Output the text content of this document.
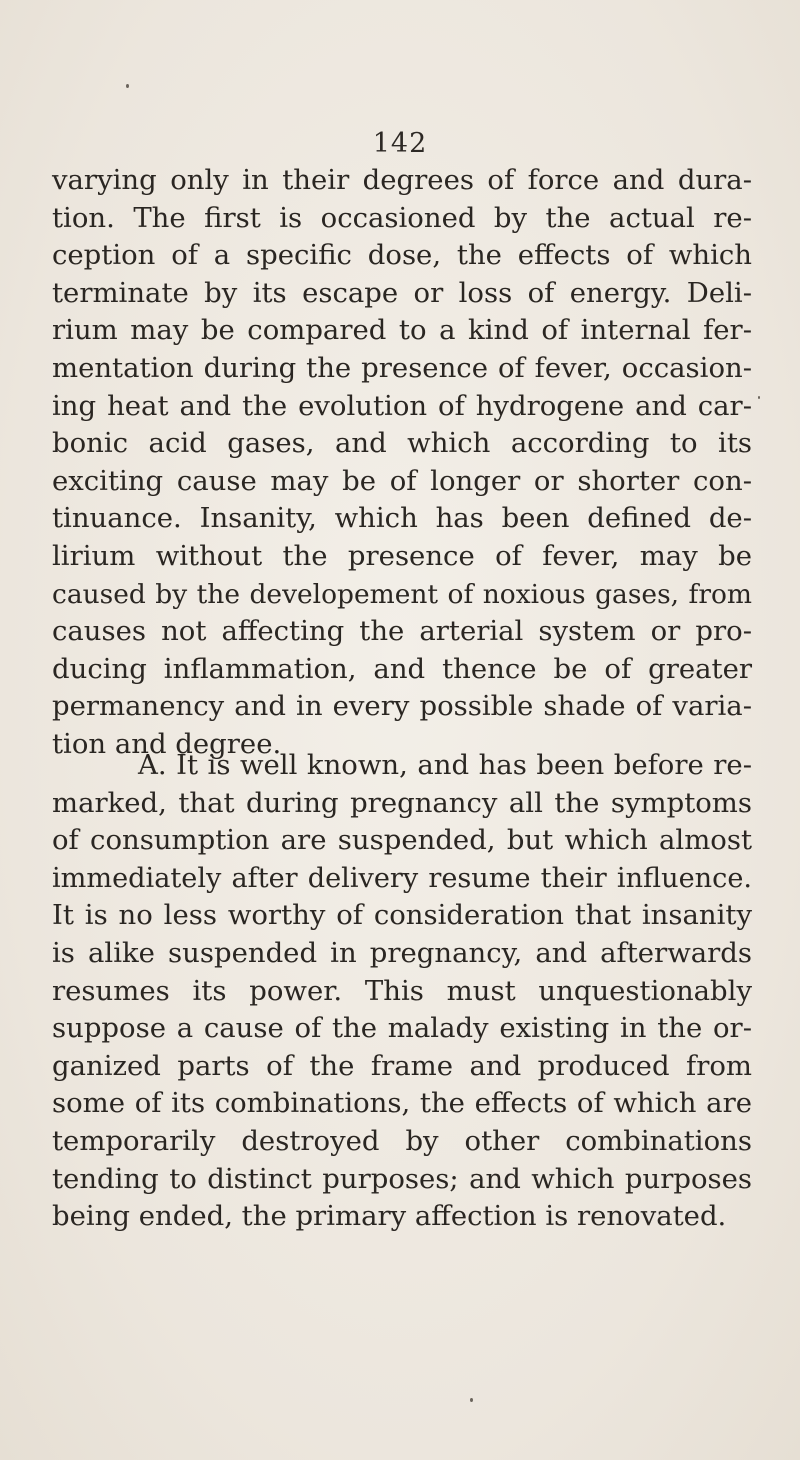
142
varying only in their degrees of force and dura-
tion. The first is occasioned by the actual re-
ception of a specific dose, the effects of which
terminate by its escape or loss of energy. Deli-
rium may be compared to a kind of internal fer-
mentation during the presence of fever, occasion-
ing heat and the evolution of hydrogene and car-
bonic acid gases, and which according to its
exciting cause may be of longer or shorter con-
tinuance. Insanity, which has been defined de-
lirium without the presence of fever, may be
caused by the developement of noxious gases, from
causes not affecting the arterial system or pro-
ducing inflammation, and thence be of greater
permanency and in every possible shade of varia-
tion and degree.
A. It is well known, and has been before re-
marked, that during pregnancy all the symptoms
of consumption are suspended, but which almost
immediately after delivery resume their influence.
It is no less worthy of consideration that insanity
is alike suspended in pregnancy, and afterwards
resumes its power. This must unquestionably
suppose a cause of the malady existing in the or-
ganized parts of the frame and produced from
some of its combinations, the effects of which are
temporarily destroyed by other combinations
tending to distinct purposes; and which purposes
being ended, the primary affection is renovated.
